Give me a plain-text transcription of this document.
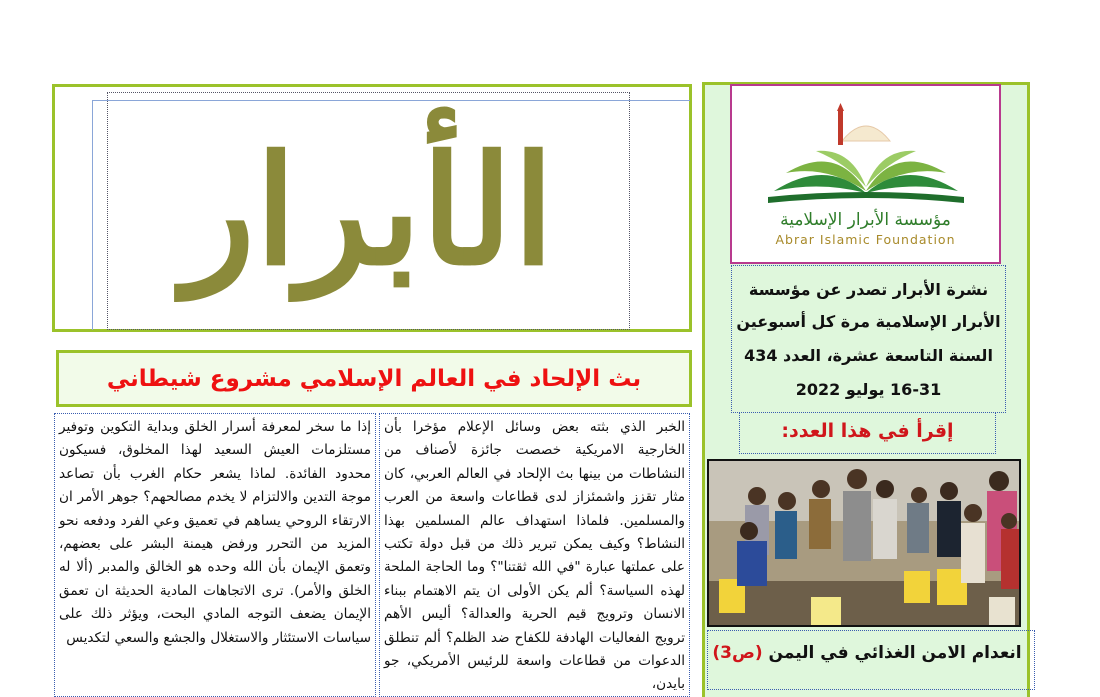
الأبرار
بث الإلحاد في العالم الإسلامي مشروع شيطاني
الخبر الذي بثته بعض وسائل الإعلام مؤخرا بأن الخارجية الامريكية خصصت جائزة لأصناف من النشاطات من بينها بث الإلحاد في العالم العربي، كان مثار تقزز واشمئزاز لدى قطاعات واسعة من العرب والمسلمين. فلماذا استهداف عالم المسلمين بهذا النشاط؟ وكيف يمكن تبرير ذلك من قبل دولة تكتب على عملتها عبارة "في الله ثقتنا"؟ وما الحاجة الملحة لهذه السياسة؟ ألم يكن الأولى ان يتم الاهتمام ببناء الانسان وترويج قيم الحرية والعدالة؟ أليس الأهم ترويج الفعاليات الهادفة للكفاح ضد الظلم؟ ألم تنطلق الدعوات من قطاعات واسعة للرئيس الأمريكي، جو بايدن،
إذا ما سخر لمعرفة أسرار الخلق وبداية التكوين وتوفير مستلزمات العيش السعيد لهذا المخلوق، فسيكون محدود الفائدة. لماذا يشعر حكام الغرب بأن تصاعد موجة التدين والالتزام لا يخدم مصالحهم؟ جوهر الأمر ان الارتقاء الروحي يساهم في تعميق وعي الفرد ودفعه نحو المزيد من التحرر ورفض هيمنة البشر على بعضهم، وتعمق الإيمان بأن الله وحده هو الخالق والمدبر (ألا له الخلق والأمر). ترى الاتجاهات المادية الحديثة ان تعمق الإيمان يضعف التوجه المادي البحت، ويؤثر ذلك على سياسات الاستئثار والاستغلال والجشع والسعي لتكديس
مؤسسة الأبرار الإسلامية
Abrar Islamic Foundation
نشرة الأبرار تصدر عن مؤسسة
الأبرار الإسلامية مرة كل أسبوعين
السنة التاسعة عشرة، العدد 434
16-31 يوليو 2022
إقرأ في هذا العدد:
انعدام الامن الغذائي في اليمن (ص3)
